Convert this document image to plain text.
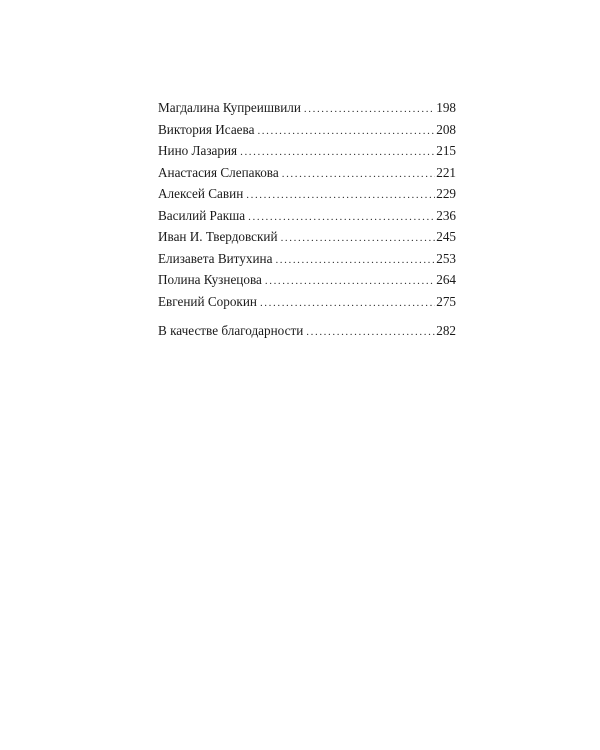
Магдалина Купреишвили .....	198
Виктория Исаева .....	208
Нино Лазария .....	215
Анастасия Слепакова .....	221
Алексей Савин .....	229
Василий Ракша .....	236
Иван И. Твердовский .....	245
Елизавета Витухина .....	253
Полина Кузнецова .....	264
Евгений Сорокин .....	275
В качестве благодарности .....	282
